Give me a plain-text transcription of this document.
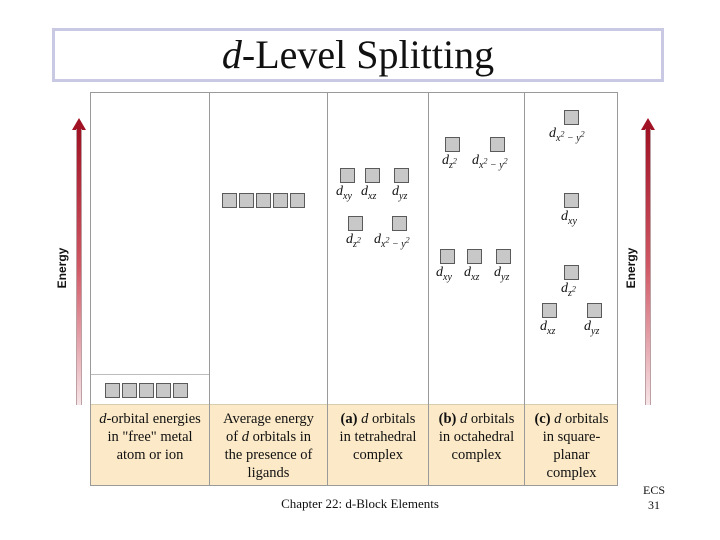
d-Level Splitting
Energy	Energy
$d_{xy}$ $d_{xz}$ $d_{yz}$
$d_{z^2}$ $d_{x^2 - y^2}$
$d_{z^2}$ $d_{x^2 - y^2}$
$d_{xy}$ $d_{xz}$ $d_{yz}$
$d_{x^2 - y^2}$
$d_{xy}$
$d_{z^2}$
$d_{xz}$ $d_{yz}$
d-orbital energies
in "free" metal
atom or ion
Average energy
of d orbitals in
the presence of
ligands
(a) d orbitals
in tetrahedral
complex
(b) d orbitals
in octahedral
complex
(c) d orbitals
in square-
planar
complex
Chapter 22: d-Block Elements
ECS
31
